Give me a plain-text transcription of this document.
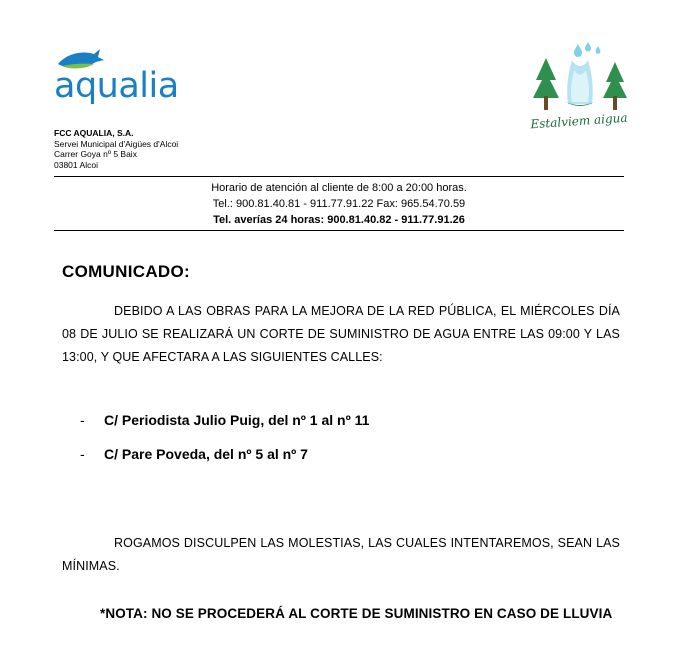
aqualia
Estalviem aigua
FCC AQUALIA, S.A.
Servei Municipal d'Aigües d'Alcoi
Carrer Goya nº 5 Baix
03801 Alcoi
Horario de atención al cliente de 8:00 a 20:00 horas.
Tel.: 900.81.40.81 - 911.77.91.22 Fax: 965.54.70.59
Tel. averías 24 horas: 900.81.40.82 - 911.77.91.26
COMUNICADO:
DEBIDO A LAS OBRAS PARA LA MEJORA DE LA RED PÚBLICA, EL MIÉRCOLES DÍA 08 DE JULIO SE REALIZARÁ UN CORTE DE SUMINISTRO DE AGUA ENTRE LAS 09:00 Y LAS 13:00, Y QUE AFECTARA A LAS SIGUIENTES CALLES:
-	C/ Periodista Julio Puig, del nº 1 al nº 11
-	C/ Pare Poveda, del nº 5 al nº 7
ROGAMOS DISCULPEN LAS MOLESTIAS, LAS CUALES INTENTAREMOS, SEAN LAS MÍNIMAS.
*NOTA: NO SE PROCEDERÁ AL CORTE DE SUMINISTRO EN CASO DE LLUVIA
